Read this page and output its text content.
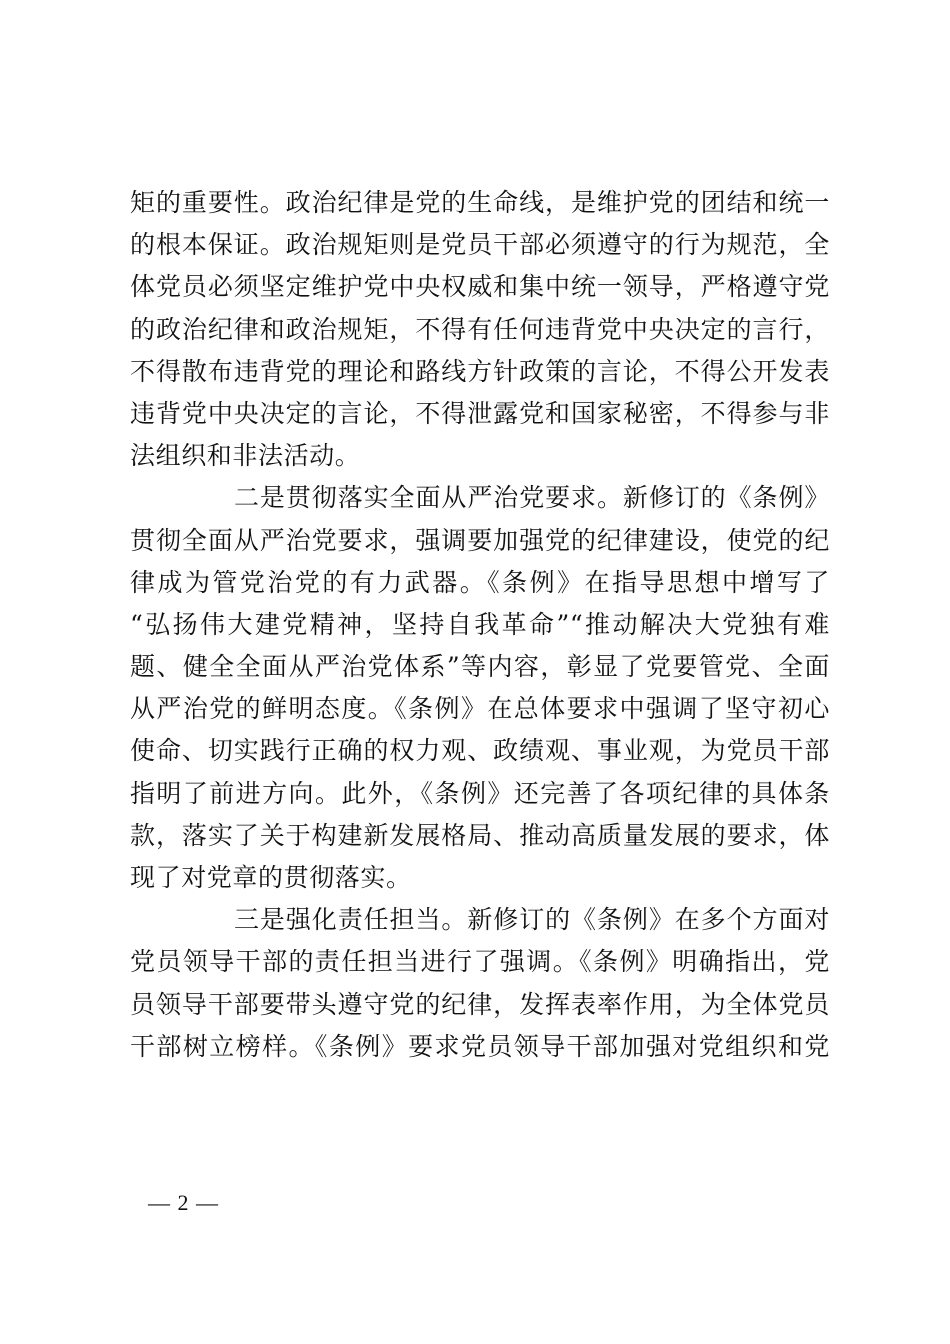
矩的重要性。政治纪律是党的生命线，是维护党的团结和统一
的根本保证。政治规矩则是党员干部必须遵守的行为规范，全
体党员必须坚定维护党中央权威和集中统一领导，严格遵守党
的政治纪律和政治规矩，不得有任何违背党中央决定的言行，
不得散布违背党的理论和路线方针政策的言论，不得公开发表
违背党中央决定的言论，不得泄露党和国家秘密，不得参与非
法组织和非法活动。
二是贯彻落实全面从严治党要求。新修订的《条例》
贯彻全面从严治党要求，强调要加强党的纪律建设，使党的纪
律成为管党治党的有力武器。《条例》在指导思想中增写了
“弘扬伟大建党精神，坚持自我革命”“推动解决大党独有难
题、健全全面从严治党体系”等内容，彰显了党要管党、全面
从严治党的鲜明态度。《条例》在总体要求中强调了坚守初心
使命、切实践行正确的权力观、政绩观、事业观，为党员干部
指明了前进方向。此外，《条例》还完善了各项纪律的具体条
款，落实了关于构建新发展格局、推动高质量发展的要求，体
现了对党章的贯彻落实。
三是强化责任担当。新修订的《条例》在多个方面对
党员领导干部的责任担当进行了强调。《条例》明确指出，党
员领导干部要带头遵守党的纪律，发挥表率作用，为全体党员
干部树立榜样。《条例》要求党员领导干部加强对党组织和党
— 2 —
